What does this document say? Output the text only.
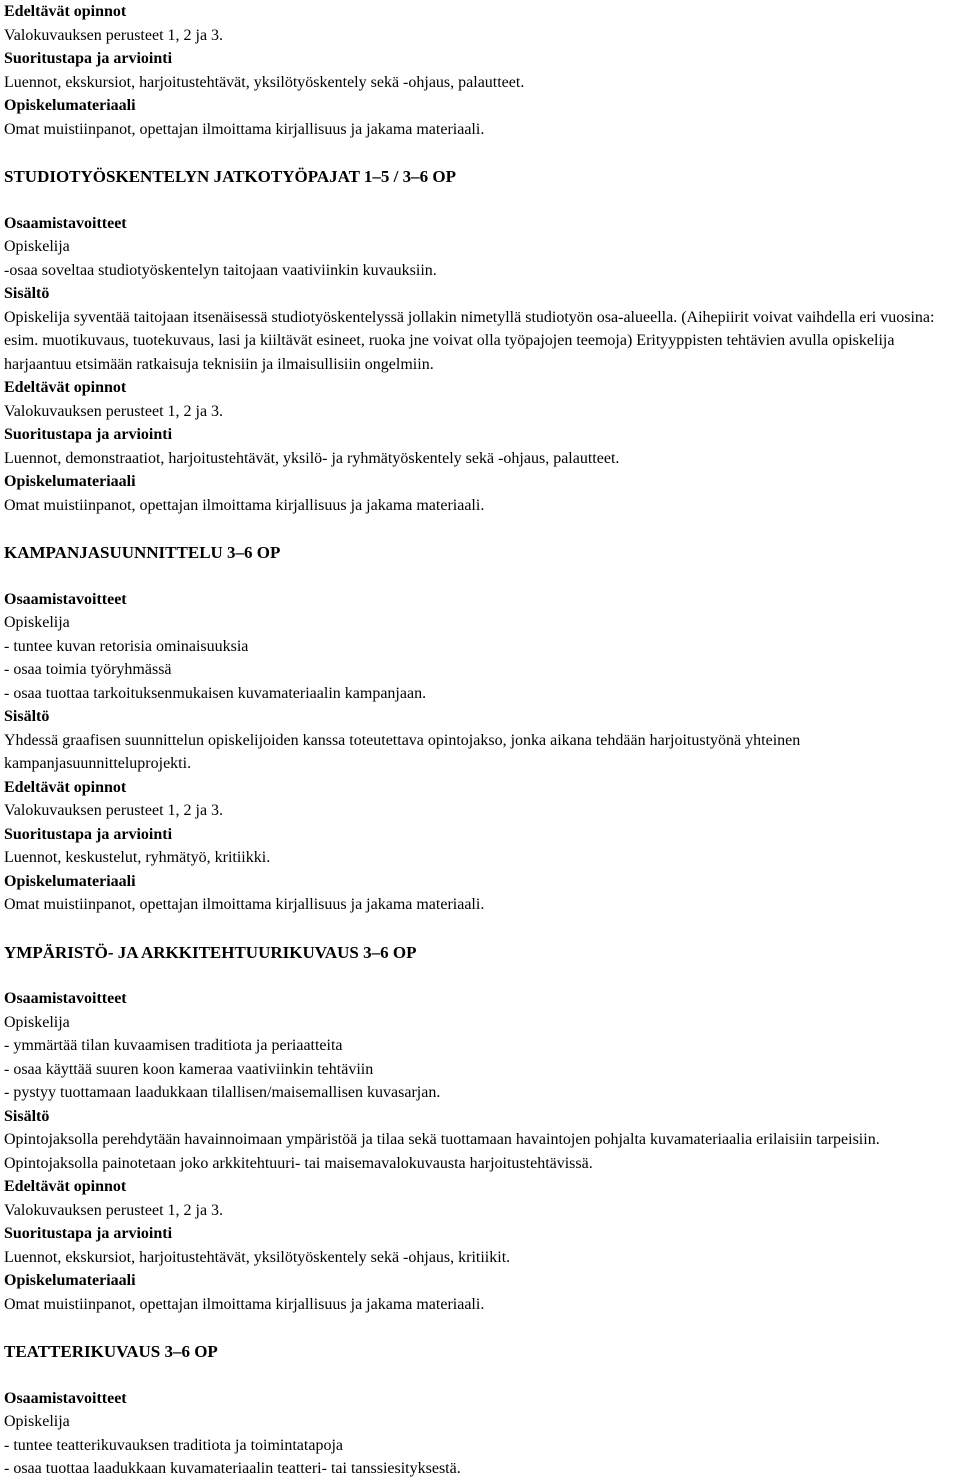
Edeltävät opinnot
Valokuvauksen perusteet 1, 2 ja 3.
Suoritustapa ja arviointi
Luennot, ekskursiot, harjoitustehtävät, yksilötyöskentely sekä -ohjaus, palautteet.
Opiskelumateriaali
Omat muistiinpanot, opettajan ilmoittama kirjallisuus ja jakama materiaali.
STUDIOTYÖSKENTELYN JATKOTYÖPAJAT 1–5 / 3–6 OP
Osaamistavoitteet
Opiskelija
-osaa soveltaa studiotyöskentelyn taitojaan vaativiinkin kuvauksiin.
Sisältö
Opiskelija syventää taitojaan itsenäisessä studiotyöskentelyssä jollakin nimetyllä studiotyön osa-alueella. (Aihepiirit voivat vaihdella eri vuosina: esim. muotikuvaus, tuotekuvaus, lasi ja kiiltävät esineet, ruoka jne voivat olla työpajojen teemoja) Erityyppisten tehtävien avulla opiskelija harjaantuu etsimään ratkaisuja teknisiin ja ilmaisullisiin ongelmiin.
Edeltävät opinnot
Valokuvauksen perusteet 1, 2 ja 3.
Suoritustapa ja arviointi
Luennot, demonstraatiot, harjoitustehtävät, yksilö- ja ryhmätyöskentely sekä -ohjaus, palautteet.
Opiskelumateriaali
Omat muistiinpanot, opettajan ilmoittama kirjallisuus ja jakama materiaali.
KAMPANJASUUNNITTELU 3–6 OP
Osaamistavoitteet
Opiskelija
- tuntee kuvan retorisia ominaisuuksia
- osaa toimia työryhmässä
- osaa tuottaa tarkoituksenmukaisen kuvamateriaalin kampanjaan.
Sisältö
Yhdessä graafisen suunnittelun opiskelijoiden kanssa toteutettava opintojakso, jonka aikana tehdään harjoitustyönä yhteinen kampanjasuunnitteluprojekti.
Edeltävät opinnot
Valokuvauksen perusteet 1, 2 ja 3.
Suoritustapa ja arviointi
Luennot, keskustelut, ryhmätyö, kritiikki.
Opiskelumateriaali
Omat muistiinpanot, opettajan ilmoittama kirjallisuus ja jakama materiaali.
YMPÄRISTÖ- JA ARKKITEHTUURIKUVAUS 3–6 OP
Osaamistavoitteet
Opiskelija
- ymmärtää tilan kuvaamisen traditiota ja periaatteita
- osaa käyttää suuren koon kameraa vaativiinkin tehtäviin
- pystyy tuottamaan laadukkaan tilallisen/maisemallisen kuvasarjan.
Sisältö
Opintojaksolla perehdytään havainnoimaan ympäristöä ja tilaa sekä tuottamaan havaintojen pohjalta kuvamateriaalia erilaisiin tarpeisiin. Opintojaksolla painotetaan joko arkkitehtuuri- tai maisemavalokuvausta harjoitustehtävissä.
Edeltävät opinnot
Valokuvauksen perusteet 1, 2 ja 3.
Suoritustapa ja arviointi
Luennot, ekskursiot, harjoitustehtävät, yksilötyöskentely sekä -ohjaus, kritiikit.
Opiskelumateriaali
Omat muistiinpanot, opettajan ilmoittama kirjallisuus ja jakama materiaali.
TEATTERIKUVAUS 3–6 OP
Osaamistavoitteet
Opiskelija
- tuntee teatterikuvauksen traditiota ja toimintatapoja
- osaa tuottaa laadukkaan kuvamateriaalin teatteri- tai tanssiesityksestä.
